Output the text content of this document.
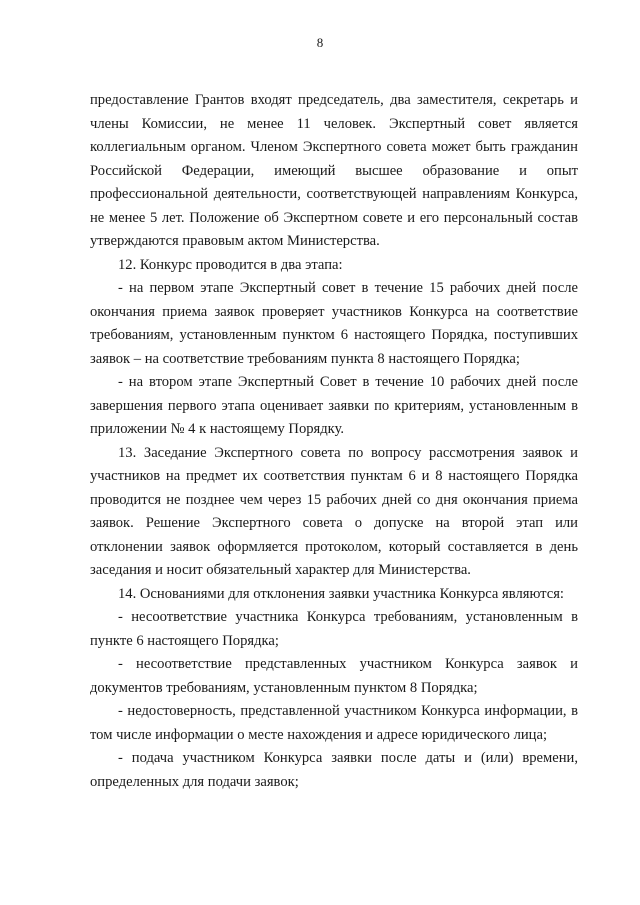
8

предоставление Грантов входят председатель, два заместителя, секретарь и члены Комиссии, не менее 11 человек. Экспертный совет является коллегиальным органом. Членом Экспертного совета может быть гражданин Российской Федерации, имеющий высшее образование и опыт профессиональной деятельности, соответствующей направлениям Конкурса, не менее 5 лет. Положение об Экспертном совете и его персональный состав утверждаются правовым актом Министерства.

12. Конкурс проводится в два этапа:

- на первом этапе Экспертный совет в течение 15 рабочих дней после окончания приема заявок проверяет участников Конкурса на соответствие требованиям, установленным пунктом 6 настоящего Порядка, поступивших заявок – на соответствие требованиям пункта 8 настоящего Порядка;

- на втором этапе Экспертный Совет в течение 10 рабочих дней после завершения первого этапа оценивает заявки по критериям, установленным в приложении № 4 к настоящему Порядку.

13. Заседание Экспертного совета по вопросу рассмотрения заявок и участников на предмет их соответствия пунктам 6 и 8 настоящего Порядка проводится не позднее чем через 15 рабочих дней со дня окончания приема заявок. Решение Экспертного совета о допуске на второй этап или отклонении заявок оформляется протоколом, который составляется в день заседания и носит обязательный характер для Министерства.

14. Основаниями для отклонения заявки участника Конкурса являются:

- несоответствие участника Конкурса требованиям, установленным в пункте 6 настоящего Порядка;

- несоответствие представленных участником Конкурса заявок и документов требованиям, установленным пунктом 8 Порядка;

- недостоверность, представленной участником Конкурса информации, в том числе информации о месте нахождения и адресе юридического лица;

- подача участником Конкурса заявки после даты и (или) времени, определенных для подачи заявок;
